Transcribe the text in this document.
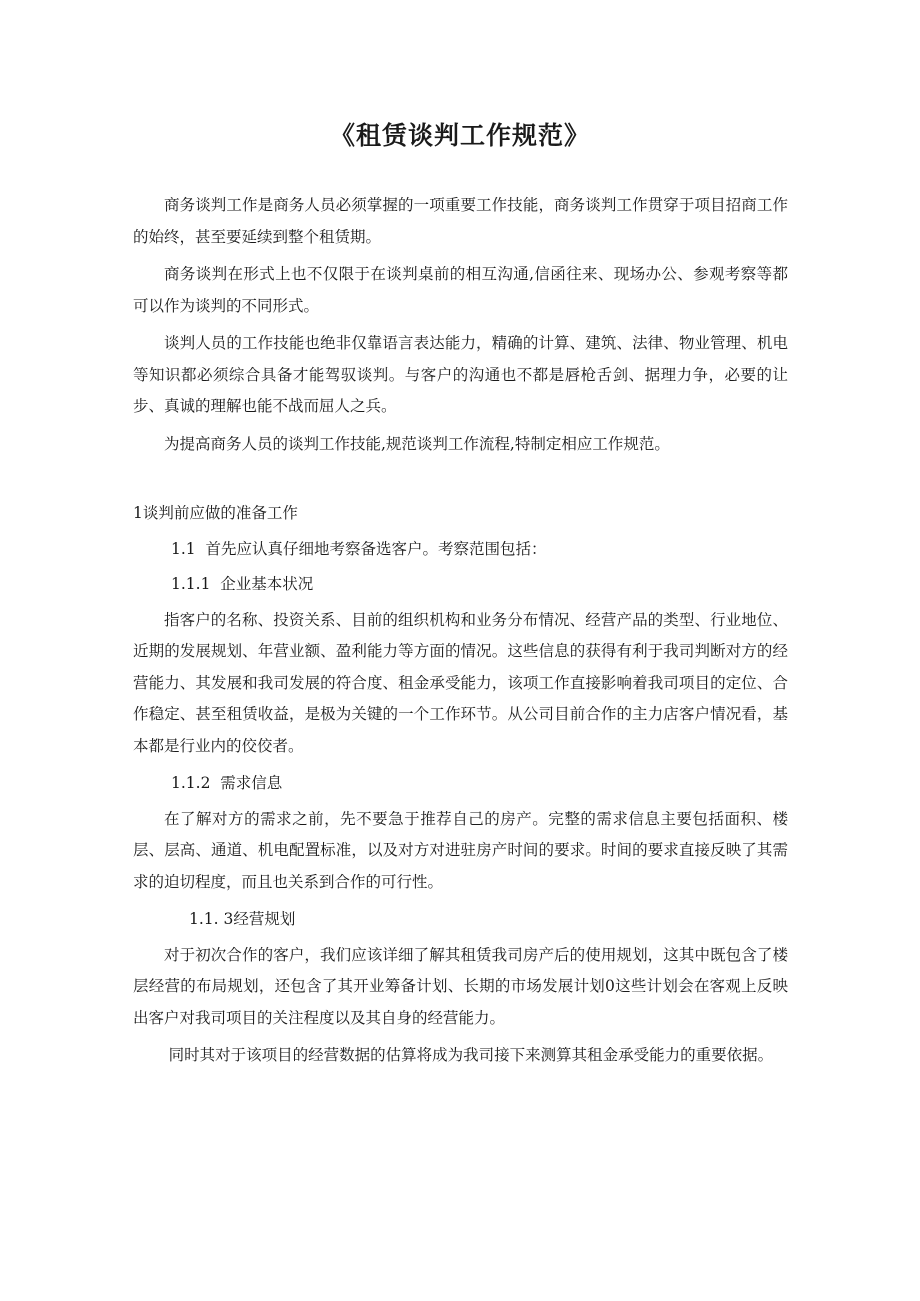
《租赁谈判工作规范》

商务谈判工作是商务人员必须掌握的一项重要工作技能，商务谈判工作贯穿于项目招商工作的始终，甚至要延续到整个租赁期。

商务谈判在形式上也不仅限于在谈判桌前的相互沟通,信函往来、现场办公、参观考察等都可以作为谈判的不同形式。

谈判人员的工作技能也绝非仅靠语言表达能力，精确的计算、建筑、法律、物业管理、机电等知识都必须综合具备才能驾驭谈判。与客户的沟通也不都是唇枪舌剑、据理力争，必要的让步、真诚的理解也能不战而屈人之兵。

为提高商务人员的谈判工作技能,规范谈判工作流程,特制定相应工作规范。

1谈判前应做的准备工作
1.1  首先应认真仔细地考察备选客户。考察范围包括：
1.1.1  企业基本状况

指客户的名称、投资关系、目前的组织机构和业务分布情况、经营产品的类型、行业地位、近期的发展规划、年营业额、盈利能力等方面的情况。这些信息的获得有利于我司判断对方的经营能力、其发展和我司发展的符合度、租金承受能力，该项工作直接影响着我司项目的定位、合作稳定、甚至租赁收益，是极为关键的一个工作环节。从公司目前合作的主力店客户情况看，基本都是行业内的佼佼者。

1.1.2  需求信息

在了解对方的需求之前，先不要急于推荐自己的房产。完整的需求信息主要包括面积、楼层、层高、通道、机电配置标准，以及对方对进驻房产时间的要求。时间的要求直接反映了其需求的迫切程度，而且也关系到合作的可行性。

1.1. 3经营规划

对于初次合作的客户，我们应该详细了解其租赁我司房产后的使用规划，这其中既包含了楼层经营的布局规划，还包含了其开业筹备计划、长期的市场发展计划0这些计划会在客观上反映出客户对我司项目的关注程度以及其自身的经营能力。

同时其对于该项目的经营数据的估算将成为我司接下来测算其租金承受能力的重要依据。
